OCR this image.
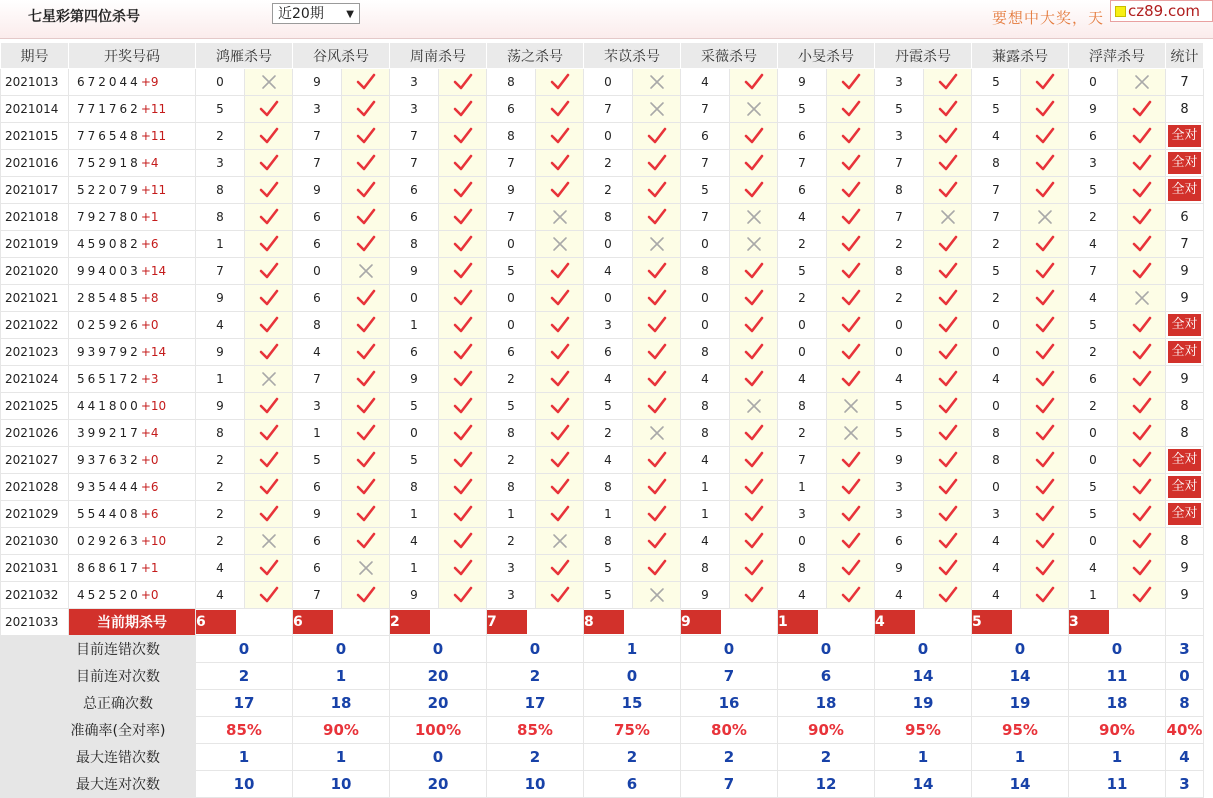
七星彩第四位杀号	近20期 ▼	要想中大奖，天	cz89.com
期号	开奖号码	鸿雁杀号		谷风杀号		周南杀号		荡之杀号		芣苡杀号		采薇杀号		小旻杀号		丹霞杀号		蒹露杀号		浮萍杀号		统计
2021013	672044+9	0		9		3		8		0		4		9		3		5		0		7
2021014	771762+11	5		3		3		6		7		7		5		5		5		9		8
2021015	776548+11	2		7		7		8		0		6		6		3		4		6		全对

2021016	752918+4	3		7		7		7		2		7		7		7		8		3		全对

2021017	522079+11	8		9		6		9		2		5		6		8		7		5		全对

2021018	792780+1	8		6		6		7		8		7		4		7		7		2		6
2021019	459082+6	1		6		8		0		0		0		2		2		2		4		7
2021020	994003+14	7		0		9		5		4		8		5		8		5		7		9
2021021	285485+8	9		6		0		0		0		0		2		2		2		4		9
2021022	025926+0	4		8		1		0		3		0		0		0		0		5		全对

2021023	939792+14	9		4		6		6		6		8		0		0		0		2		全对

2021024	565172+3	1		7		9		2		4		4		4		4		4		6		9
2021025	441800+10	9		3		5		5		5		8		8		5		0		2		8
2021026	399217+4	8		1		0		8		2		8		2		5		8		0		8
2021027	937632+0	2		5		5		2		4		4		7		9		8		0		全对

2021028	935444+6	2		6		8		8		8		1		1		3		0		5		全对

2021029	554408+6	2		9		1		1		1		1		3		3		3		5		全对

2021030	029263+10	2		6		4		2		8		4		0		6		4		0		8
2021031	868617+1	4		6		1		3		5		8		8		9		4		4		9
2021032	452520+0	4		7		9		3		5		9		4		4		4		1		9
2021033	当前期杀号	6		6		2		7		8		9		1		4		5		3		
目前连错次数		0		0		0		0		1		0		0		0		0		0		3
目前连对次数		2		1		20		2		0		7		6		14		14		11		0
总正确次数		17		18		20		17		15		16		18		19		19		18		8
准确率(全对率)		85%		90%		100%		85%		75%		80%		90%		95%		95%		90%		40%
最大连错次数		1		1		0		2		2		2		2		1		1		1		4
最大连对次数		10		10		20		10		6		7		12		14		14		11		3
